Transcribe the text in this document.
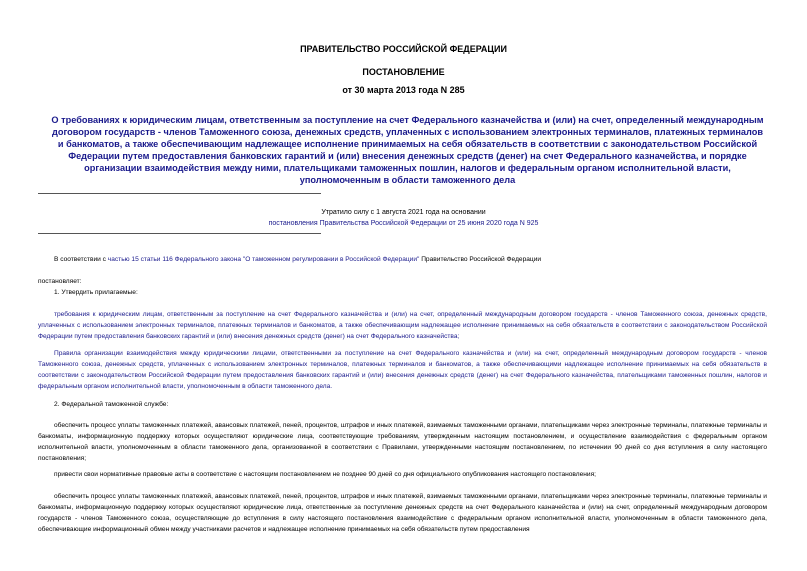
ПРАВИТЕЛЬСТВО РОССИЙСКОЙ ФЕДЕРАЦИИ
ПОСТАНОВЛЕНИЕ
от 30 марта 2013 года N 285
О требованиях к юридическим лицам, ответственным за поступление на счет Федерального казначейства и (или) на счет, определенный международным договором государств - членов Таможенного союза, денежных средств, уплаченных с использованием электронных терминалов, платежных терминалов и банкоматов, а также обеспечивающим надлежащее исполнение принимаемых на себя обязательств в соответствии с законодательством Российской Федерации путем предоставления банковских гарантий и (или) внесения денежных средств (денег) на счет Федерального казначейства, и порядке организации взаимодействия между ними, плательщиками таможенных пошлин, налогов и федеральным органом исполнительной власти, уполномоченным в области таможенного дела
Утратило силу с 1 августа 2021 года на основании
постановления Правительства Российской Федерации от 25 июня 2020 года N 925
В соответствии с частью 15 статьи 116 Федерального закона "О таможенном регулировании в Российской Федерации" Правительство Российской Федерации
постановляет:
1. Утвердить прилагаемые:
требования к юридическим лицам, ответственным за поступление на счет Федерального казначейства и (или) на счет, определенный международным договором государств - членов Таможенного союза, денежных средств, уплаченных с использованием электронных терминалов, платежных терминалов и банкоматов, а также обеспечивающим надлежащее исполнение принимаемых на себя обязательств в соответствии с законодательством Российской Федерации путем предоставления банковских гарантий и (или) внесения денежных средств (денег) на счет Федерального казначейства;
Правила организации взаимодействия между юридическими лицами, ответственными за поступление на счет Федерального казначейства и (или) на счет, определенный международным договором государств - членов Таможенного союза, денежных средств, уплаченных с использованием электронных терминалов, платежных терминалов и банкоматов, а также обеспечивающими надлежащее исполнение принимаемых на себя обязательств в соответствии с законодательством Российской Федерации путем предоставления банковских гарантий и (или) внесения денежных средств (денег) на счет Федерального казначейства, плательщиками таможенных пошлин, налогов и федеральным органом исполнительной власти, уполномоченным в области таможенного дела.
2. Федеральной таможенной службе:
обеспечить процесс уплаты таможенных платежей, авансовых платежей, пеней, процентов, штрафов и иных платежей, взимаемых таможенными органами, плательщиками через электронные терминалы, платежные терминалы и банкоматы, информационную поддержку которых осуществляют юридические лица, соответствующие требованиям, утвержденным настоящим постановлением, и осуществление взаимодействия с федеральным органом исполнительной власти, уполномоченным в области таможенного дела, организованной в соответствии с Правилами, утвержденными настоящим постановлением, по истечении 90 дней со дня вступления в силу настоящего постановления;
привести свои нормативные правовые акты в соответствие с настоящим постановлением не позднее 90 дней со дня официального опубликования настоящего постановления;
обеспечить процесс уплаты таможенных платежей, авансовых платежей, пеней, процентов, штрафов и иных платежей, взимаемых таможенными органами, плательщиками через электронные терминалы, платежные терминалы и банкоматы, информационную поддержку которых осуществляют юридические лица, ответственные за поступление денежных средств на счет Федерального казначейства и (или) на счет, определенный международным договором государств - членов Таможенного союза, осуществляющие до вступления в силу настоящего постановления взаимодействие с федеральным органом исполнительной власти, уполномоченным в области таможенного дела, обеспечивающие информационный обмен между участниками расчетов и надлежащее исполнение принимаемых на себя обязательств путем предоставления
